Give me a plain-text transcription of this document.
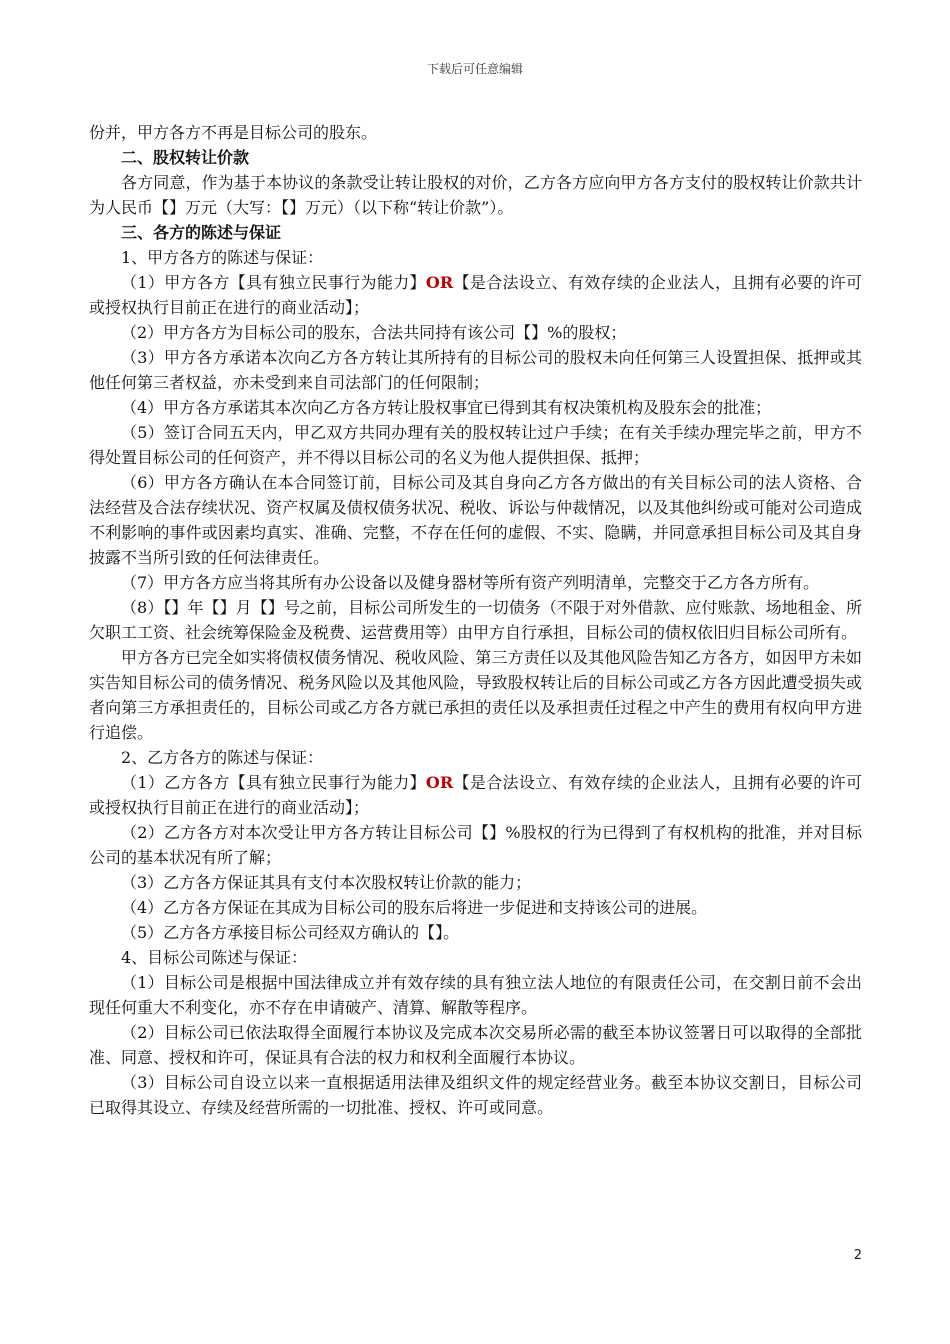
下载后可任意编辑

份并，甲方各方不再是目标公司的股东。

二、股权转让价款

各方同意，作为基于本协议的条款受让转让股权的对价，乙方各方应向甲方各方支付的股权转让价款共计为人民币【】万元（大写：【】万元）（以下称“转让价款”）。

三、各方的陈述与保证

1、甲方各方的陈述与保证：

（1）甲方各方【具有独立民事行为能力】OR【是合法设立、有效存续的企业法人，且拥有必要的许可或授权执行目前正在进行的商业活动】；

（2）甲方各方为目标公司的股东，合法共同持有该公司【】%的股权；

（3）甲方各方承诺本次向乙方各方转让其所持有的目标公司的股权未向任何第三人设置担保、抵押或其他任何第三者权益，亦未受到来自司法部门的任何限制；

（4）甲方各方承诺其本次向乙方各方转让股权事宜已得到其有权决策机构及股东会的批准；

（5）签订合同五天内，甲乙双方共同办理有关的股权转让过户手续；在有关手续办理完毕之前，甲方不得处置目标公司的任何资产，并不得以目标公司的名义为他人提供担保、抵押；

（6）甲方各方确认在本合同签订前，目标公司及其自身向乙方各方做出的有关目标公司的法人资格、合法经营及合法存续状况、资产权属及债权债务状况、税收、诉讼与仲裁情况，以及其他纠纷或可能对公司造成不利影响的事件或因素均真实、准确、完整，不存在任何的虚假、不实、隐瞒，并同意承担目标公司及其自身披露不当所引致的任何法律责任。

（7）甲方各方应当将其所有办公设备以及健身器材等所有资产列明清单，完整交于乙方各方所有。

（8）【】年【】月【】号之前，目标公司所发生的一切债务（不限于对外借款、应付账款、场地租金、所欠职工工资、社会统筹保险金及税费、运营费用等）由甲方自行承担，目标公司的债权依旧归目标公司所有。

甲方各方已完全如实将债权债务情况、税收风险、第三方责任以及其他风险告知乙方各方，如因甲方未如实告知目标公司的债务情况、税务风险以及其他风险，导致股权转让后的目标公司或乙方各方因此遭受损失或者向第三方承担责任的，目标公司或乙方各方就已承担的责任以及承担责任过程之中产生的费用有权向甲方进行追偿。

2、乙方各方的陈述与保证：

（1）乙方各方【具有独立民事行为能力】OR【是合法设立、有效存续的企业法人，且拥有必要的许可或授权执行目前正在进行的商业活动】；

（2）乙方各方对本次受让甲方各方转让目标公司【】%股权的行为已得到了有权机构的批准，并对目标公司的基本状况有所了解；

（3）乙方各方保证其具有支付本次股权转让价款的能力；

（4）乙方各方保证在其成为目标公司的股东后将进一步促进和支持该公司的进展。

（5）乙方各方承接目标公司经双方确认的【】。

4、目标公司陈述与保证：

（1）目标公司是根据中国法律成立并有效存续的具有独立法人地位的有限责任公司，在交割日前不会出现任何重大不利变化，亦不存在申请破产、清算、解散等程序。

（2）目标公司已依法取得全面履行本协议及完成本次交易所必需的截至本协议签署日可以取得的全部批准、同意、授权和许可，保证具有合法的权力和权利全面履行本协议。

（3）目标公司自设立以来一直根据适用法律及组织文件的规定经营业务。截至本协议交割日，目标公司已取得其设立、存续及经营所需的一切批准、授权、许可或同意。

2
